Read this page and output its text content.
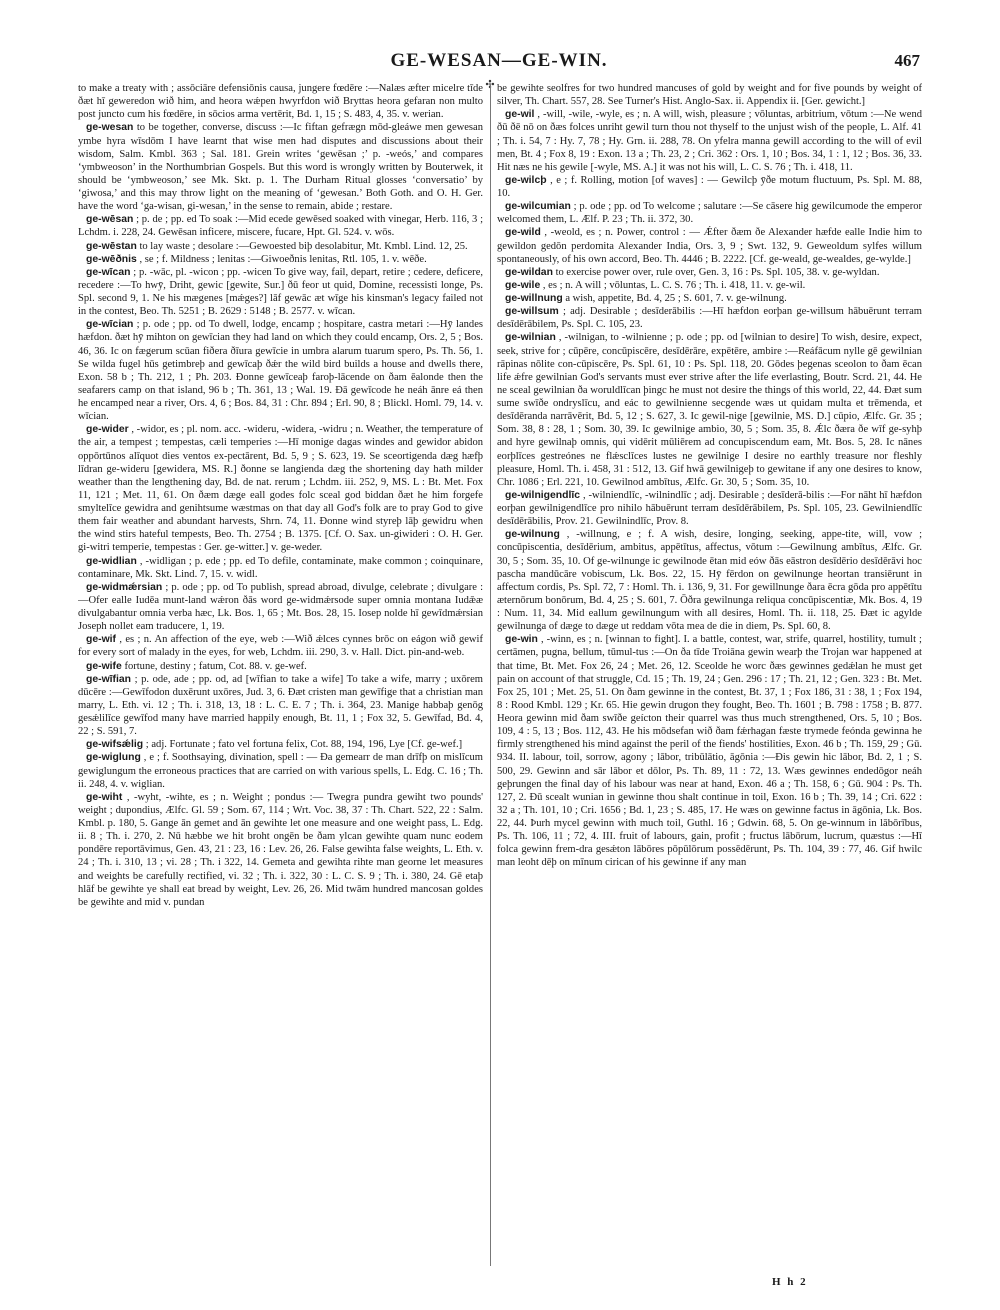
GE-WESAN—GE-WIN.	467
✣

to make a treaty with ; assōciāre defensiōnis causa, jungere fœdēre :—Nalæs æfter micelre tīde ðæt hī geweredon wið him, and heora wǽpen hwyrfdon wið Bryttas heora gefaran non multo post juncto cum his fœdēre, in sōcios arma vertērit, Bd. 1, 15 ; S. 483, 4, 35. v. werian.

ge-wesan to be together, converse, discuss :—Ic fiftan gefrægn mōd-gleáwe men gewesan ymbe hyra wīsdōm I have learnt that wise men had disputes and discussions about their wisdom, Salm. Kmbl. 363 ; Sal. 181. Grein writes ‘gewēsan ;’ p. -weós,’ and compares ‘ymbweoson’ in the Northumbrian Gospels. But this word is wrongly written by Bouterwek, it should be ‘ymbweoson,’ see Mk. Skt. p. 1. The Durham Ritual glosses ‘conversatio’ by ‘giwosa,’ and this may throw light on the meaning of ‘gewesan.’ Both Goth. and O. H. Ger. have the word ‘ga-wisan, gi-wesan,’ in the sense to remain, abide ; restare.

ge-wēsan ; p. de ; pp. ed To soak :—Mid ecede gewēsed soaked with vinegar, Herb. 116, 3 ; Lchdm. i. 228, 24. Gewēsan inficere, miscere, fucare, Hpt. Gl. 524. v. wōs.

ge-wēstan to lay waste ; desolare :—Gewoested biþ desolabitur, Mt. Kmbl. Lind. 12, 25.

ge-wēðnis , se ; f. Mildness ; lenitas :—Giwoeðnis lenitas, Rtl. 105, 1. v. wēðe.

ge-wīcan ; p. -wāc, pl. -wicon ; pp. -wicen To give way, fail, depart, retire ; cedere, deficere, recedere :—To hwȳ, Driht, gewic [gewite, Sur.] ðū feor ut quid, Domine, recessisti longe, Ps. Spl. second 9, 1. Ne his mægenes [mǽges?] lāf gewāc æt wīge his kinsman's legacy failed not in the contest, Beo. Th. 5251 ; B. 2629 : 5148 ; B. 2577. v. wīcan.

ge-wīcian ; p. ode ; pp. od To dwell, lodge, encamp ; hospitare, castra metari :—Hȳ landes hæfdon. ðæt hȳ mihton on gewīcian they had land on which they could encamp, Ors. 2, 5 ; Bos. 46, 36. Ic on fægerum scūan fiðera ðīura gewīcie in umbra alarum tuarum spero, Ps. Th. 56, 1. Se wilda fugel hūs getimbreþ and gewīcaþ ðǽr the wild bird builds a house and dwells there, Exon. 58 b ; Th. 212, 1 ; Ph. 203. Ðonne gewīceaþ faroþ-lācende on ðam ēalonde then the seafarers camp on that island, 96 b ; Th. 361, 13 ; Wal. 19. Ðā gewīcode he neáh ānre eá then he encamped near a river, Ors. 4, 6 ; Bos. 84, 31 : Chr. 894 ; Erl. 90, 8 ; Blickl. Homl. 79, 14. v. wīcian.

ge-wider , -widor, es ; pl. nom. acc. -wideru, -widera, -widru ; n. Weather, the temperature of the air, a tempest ; tempestas, cæli temperies :—Hī monige dagas windes and gewidor abidon oppōrtūnos alīquot dies ventos ex-pectārent, Bd. 5, 9 ; S. 623, 19. Se sceortigenda dæg hæfþ līdran ge-wideru [gewidera, MS. R.] ðonne se langienda dæg the shortening day hath milder weather than the lengthening day, Bd. de nat. rerum ; Lchdm. iii. 252, 9, MS. L : Bt. Met. Fox 11, 121 ; Met. 11, 61. On ðæm dæge eall godes folc sceal god biddan ðæt he him forgefe smyltelīce gewidra and genihtsume wæstmas on that day all God's folk are to pray God to give them fair weather and abundant harvests, Shrn. 74, 11. Ðonne wind styreþ lāþ gewidru when the wind stirs hateful tempests, Beo. Th. 2754 ; B. 1375. [Cf. O. Sax. un-giwideri : O. H. Ger. gi-witri temperie, tempestas : Ger. ge-witter.] v. ge-weder.

ge-widlian , -widligan ; p. ede ; pp. ed To defile, contaminate, make common ; coinquinare, contaminare, Mk. Skt. Lind. 7, 15. v. widl.

ge-widmǽrsian ; p. ode ; pp. od To publish, spread abroad, divulge, celebrate ; divulgare :—Ofer ealle Iudēa munt-land wǽron ðās word ge-widmǽrsode super omnia montana Iudǣæ divulgabantur omnia verba hæc, Lk. Bos. 1, 65 ; Mt. Bos. 28, 15. Iosep nolde hī gewīdmǽrsian Joseph nollet eam traducere, 1, 19.

ge-wif , es ; n. An affection of the eye, web :—Wið ǽlces cynnes brōc on eágon wið gewif for every sort of malady in the eyes, for web, Lchdm. iii. 290, 3. v. Hall. Dict. pin-and-web.

ge-wife fortune, destiny ; fatum, Cot. 88. v. ge-wef.

ge-wīfian ; p. ode, ade ; pp. od, ad [wīfian to take a wife] To take a wife, marry ; uxōrem dūcēre :—Gewīfodon duxērunt uxōres, Jud. 3, 6. Ðæt cristen man gewīfige that a christian man marry, L. Eth. vi. 12 ; Th. i. 318, 13, 18 : L. C. E. 7 ; Th. i. 364, 23. Manige habbaþ genōg gesǽlilīce gewīfod many have married happily enough, Bt. 11, 1 ; Fox 32, 5. Gewīfad, Bd. 4, 22 ; S. 591, 7.

ge-wifsǽlig ; adj. Fortunate ; fato vel fortuna felix, Cot. 88, 194, 196, Lye [Cf. ge-wef.]

ge-wiglung , e ; f. Soothsaying, divination, spell : — Ða gemearr de man drīfþ on mislīcum gewiglungum the erroneous practices that are carried on with various spells, L. Edg. C. 16 ; Th. ii. 248, 4. v. wiglian.

ge-wiht , -wyht, -wihte, es ; n. Weight ; pondus :— Twegra pundra gewiht two pounds' weight ; dupondius, Ælfc. Gl. 59 ; Som. 67, 114 ; Wrt. Voc. 38, 37 : Th. Chart. 522, 22 : Salm. Kmbl. p. 180, 5. Gange ān gemet and ān gewihte let one measure and one weight pass, L. Edg. ii. 8 ; Th. i. 270, 2. Nū hæbbe we hit broht ongēn be ðam ylcan gewihte quam nunc eodem pondēre reportāvimus, Gen. 43, 21 : 23, 16 : Lev. 26, 26. False gewihta false weights, L. Eth. v. 24 ; Th. i. 310, 13 ; vi. 28 ; Th. i 322, 14. Gemeta and gewihta rihte man georne let measures and weights be carefully rectified, vi. 32 ; Th. i. 322, 30 : L. C. S. 9 ; Th. i. 380, 24. Gē etaþ hlāf be gewihte ye shall eat bread by weight, Lev. 26, 26. Mid twām hundred mancosan goldes be gewihte and mid v. pundan

be gewihte seolfres for two hundred mancuses of gold by weight and for five pounds by weight of silver, Th. Chart. 557, 28. See Turner's Hist. Anglo-Sax. ii. Appendix ii. [Ger. gewicht.]

ge-wil , -will, -wile, -wyle, es ; n. A will, wish, pleasure ; vōluntas, arbitrium, vōtum :—Ne wend ðū ðē nō on ðæs folces unriht gewil turn thou not thyself to the unjust wish of the people, L. Alf. 41 ; Th. i. 54, 7 : Hy. 7, 78 ; Hy. Grn. ii. 288, 78. On yfelra manna gewill according to the will of evil men, Bt. 4 ; Fox 8, 19 : Exon. 13 a ; Th. 23, 2 ; Cri. 362 : Ors. 1, 10 ; Bos. 34, 1 : 1, 12 ; Bos. 36, 33. Hit næs ne his gewile [-wyle, MS. A.] it was not his will, L. C. S. 76 ; Th. i. 418, 11.

ge-wilcþ , e ; f. Rolling, motion [of waves] : — Gewilcþ ȳðe motum fluctuum, Ps. Spl. M. 88, 10.

ge-wilcumian ; p. ode ; pp. od To welcome ; salutare :—Se cāsere hig gewilcumode the emperor welcomed them, L. Ælf. P. 23 ; Th. ii. 372, 30.

ge-wild , -weold, es ; n. Power, control : — Ǽfter ðæm ðe Alexander hæfde ealle Indie him to gewildon gedōn perdomita Alexander India, Ors. 3, 9 ; Swt. 132, 9. Geweoldum sylfes willum spontaneously, of his own accord, Beo. Th. 4446 ; B. 2222. [Cf. ge-weald, ge-wealdes, ge-wylde.]

ge-wildan to exercise power over, rule over, Gen. 3, 16 : Ps. Spl. 105, 38. v. ge-wyldan.

ge-wile , es ; n. A will ; vōluntas, L. C. S. 76 ; Th. i. 418, 11. v. ge-wil.

ge-willnung a wish, appetite, Bd. 4, 25 ; S. 601, 7. v. ge-wilnung.

ge-willsum ; adj. Desirable ; desīderābilis :—Hī hæfdon eorþan ge-willsum hābuērunt terram desīdērābilem, Ps. Spl. C. 105, 23.

ge-wilnian , -wilnigan, to -wilnienne ; p. ode ; pp. od [wilnian to desire] To wish, desire, expect, seek, strive for ; cūpēre, concūpiscēre, desīdērāre, expētēre, ambire :—Reáfācum nylle gē gewilnian rāpinas nōlite con-cūpiscēre, Ps. Spl. 61, 10 : Ps. Spl. 118, 20. Gōdes þegenas sceolon to ðam ēcan life ǽfre gewilnian God's servants must ever strive after the life everlasting, Boutr. Scrd. 21, 44. He ne sceal gewilnian ða woruldlīcan þingc he must not desire the things of this world, 22, 44. Ðæt sum sume swīðe ondryslīcu, and eác to gewilnienne secgende wæs ut quidam multa et trēmenda, et desīdēranda narrāvērit, Bd. 5, 12 ; S. 627, 3. Ic gewil-nige [gewilnie, MS. D.] cūpio, Ælfc. Gr. 35 ; Som. 38, 8 : 28, 1 ; Som. 30, 39. Ic gewilnige ambio, 30, 5 ; Som. 35, 8. Ǽlc ðæra ðe wīf ge-syhþ and hyre gewilnaþ omnis, qui vidērit mūliērem ad concupiscendum eam, Mt. Bos. 5, 28. Ic nānes eorþlīces gestreónes ne flǽsclīces lustes ne gewilnige I desire no earthly treasure nor fleshly pleasure, Homl. Th. i. 458, 31 : 512, 13. Gif hwā gewilnigeþ to gewitane if any one desires to know, Chr. 1086 ; Erl. 221, 10. Gewilnod ambītus, Ælfc. Gr. 30, 5 ; Som. 35, 10.

ge-wilnigendlīc , -wilniendlīc, -wilnindlīc ; adj. Desirable ; desīderā-bilis :—For nāht hī hæfdon eorþan gewilnigendlīce pro nihilo hābuērunt terram desīdērābilem, Ps. Spl. 105, 23. Gewilniendlīc desīdērābilis, Prov. 21. Gewilnindlīc, Prov. 8.

ge-wilnung , -willnung, e ; f. A wish, desire, longing, seeking, appe-tite, will, vow ; concūpiscentia, desīdērium, ambitus, appētītus, affectus, vōtum :—Gewilnung ambītus, Ælfc. Gr. 30, 5 ; Som. 35, 10. Of ge-wilnunge ic gewilnode ētan mid eów ðās eāstron desīdērio desīdērāvi hoc pascha mandūcāre vobiscum, Lk. Bos. 22, 15. Hȳ fērdon on gewilnunge heortan transiērunt in affectum cordis, Ps. Spl. 72, 7 : Homl. Th. i. 136, 9, 31. For gewillnunge ðara ēcra gōda pro appētītu æternōrum bonōrum, Bd. 4, 25 ; S. 601, 7. Ōðra gewilnunga reliqua concūpiscentiæ, Mk. Bos. 4, 19 : Num. 11, 34. Mid eallum gewilnungum with all desires, Homl. Th. ii. 118, 25. Ðæt ic agylde gewilnunga of dæge to dæge ut reddam vōta mea de die in diem, Ps. Spl. 60, 8.

ge-win , -winn, es ; n. [winnan to fight]. I. a battle, contest, war, strife, quarrel, hostility, tumult ; certāmen, pugna, bellum, tūmul-tus :—On ða tīde Troiāna gewin wearþ the Trojan war happened at that time, Bt. Met. Fox 26, 24 ; Met. 26, 12. Sceolde he worc ðæs gewinnes gedǽlan he must get pain on account of that struggle, Cd. 15 ; Th. 19, 24 ; Gen. 296 : 17 ; Th. 21, 12 ; Gen. 323 : Bt. Met. Fox 25, 101 ; Met. 25, 51. On ðam gewinne in the contest, Bt. 37, 1 ; Fox 186, 31 : 38, 1 ; Fox 194, 8 : Rood Kmbl. 129 ; Kr. 65. Hie gewin drugon they fought, Beo. Th. 1601 ; B. 798 : 1758 ; B. 877. Heora gewinn mid ðam swīðe geícton their quarrel was thus much strengthened, Ors. 5, 10 ; Bos. 109, 4 : 5, 13 ; Bos. 112, 43. He his mōdsefan wið ðam fǽrhagan fæste trymede feónda gewinna he firmly strengthened his mind against the peril of the fiends' hostilities, Exon. 46 b ; Th. 159, 29 ; Gū. 934. II. labour, toil, sorrow, agony ; lābor, tribūlātio, āgōnia :—Ðis gewin hic lābor, Bd. 2, 1 ; S. 500, 29. Gewinn and sār lābor et dōlor, Ps. Th. 89, 11 : 72, 13. Wæs gewinnes endedōgor neáh geþrungen the final day of his labour was near at hand, Exon. 46 a ; Th. 158, 6 ; Gū. 904 : Ps. Th. 127, 2. Ðū scealt wunian in gewinne thou shalt continue in toil, Exon. 16 b ; Th. 39, 14 ; Cri. 622 : 32 a ; Th. 101, 10 ; Cri. 1656 ; Bd. 1, 23 ; S. 485, 17. He wæs on gewinne factus in āgōnia, Lk. Bos. 22, 44. Þurh mycel gewinn with much toil, Guthl. 16 ; Gdwin. 68, 5. On ge-winnum in lābōrībus, Ps. Th. 106, 11 ; 72, 4. III. fruit of labours, gain, profit ; fructus lābōrum, lucrum, quæstus :—Hī folca gewinn frem-dra gesǽton lābōres pōpūlōrum possēdērunt, Ps. Th. 104, 39 : 77, 46. Gif hwilc man leoht dēþ on mīnum cirican of his gewinne if any man

H h 2
